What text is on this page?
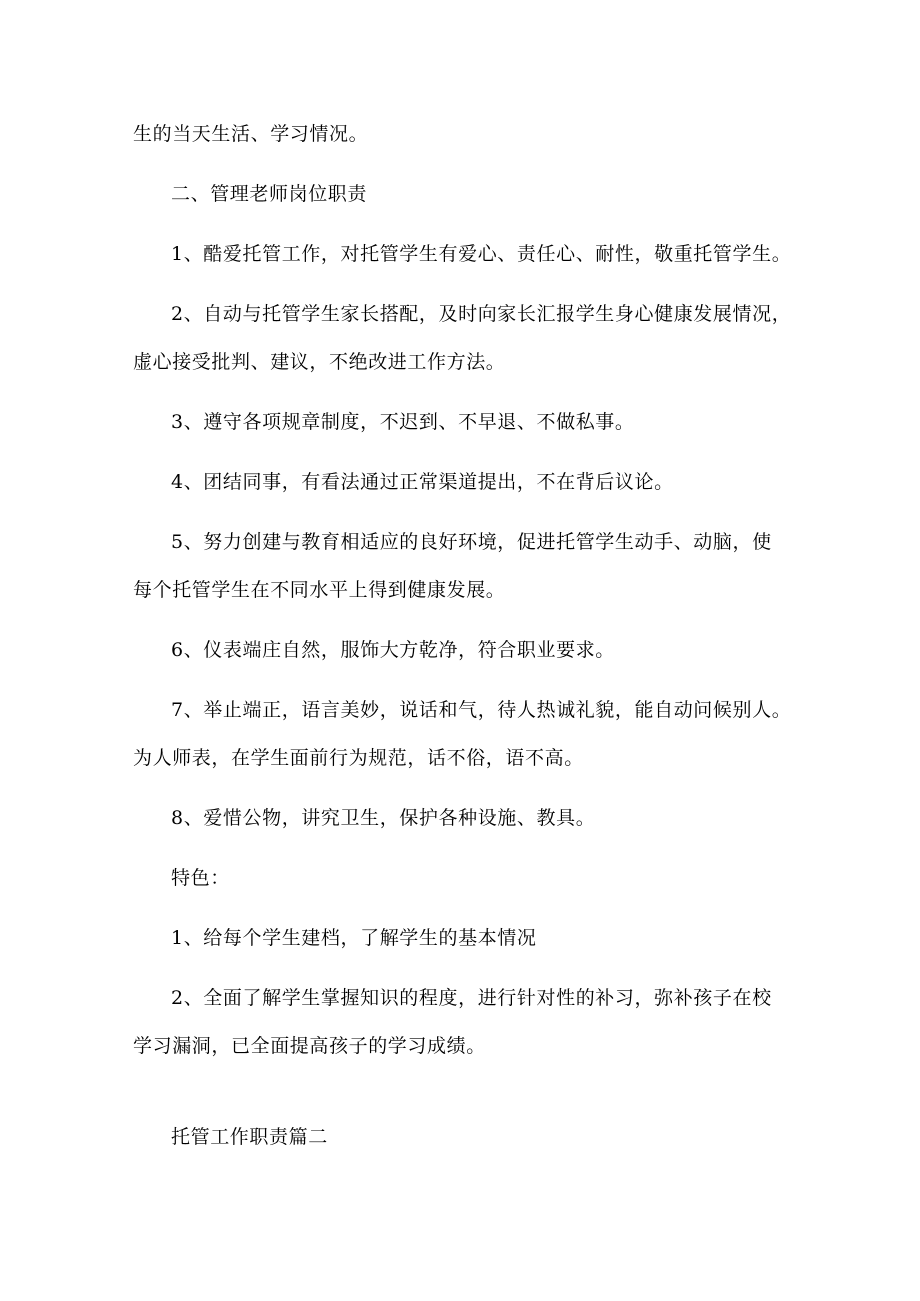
生的当天生活、学习情况。
二、管理老师岗位职责
1、酷爱托管工作，对托管学生有爱心、责任心、耐性，敬重托管学生。
2、自动与托管学生家长搭配，及时向家长汇报学生身心健康发展情况，
虚心接受批判、建议，不绝改进工作方法。
3、遵守各项规章制度，不迟到、不早退、不做私事。
4、团结同事，有看法通过正常渠道提出，不在背后议论。
5、努力创建与教育相适应的良好环境，促进托管学生动手、动脑，使
每个托管学生在不同水平上得到健康发展。
6、仪表端庄自然，服饰大方乾净，符合职业要求。
7、举止端正，语言美妙，说话和气，待人热诚礼貌，能自动问候别人。
为人师表，在学生面前行为规范，话不俗，语不高。
8、爱惜公物，讲究卫生，保护各种设施、教具。
特色：
1、给每个学生建档，了解学生的基本情况
2、全面了解学生掌握知识的程度，进行针对性的补习，弥补孩子在校
学习漏洞，已全面提高孩子的学习成绩。
托管工作职责篇二
